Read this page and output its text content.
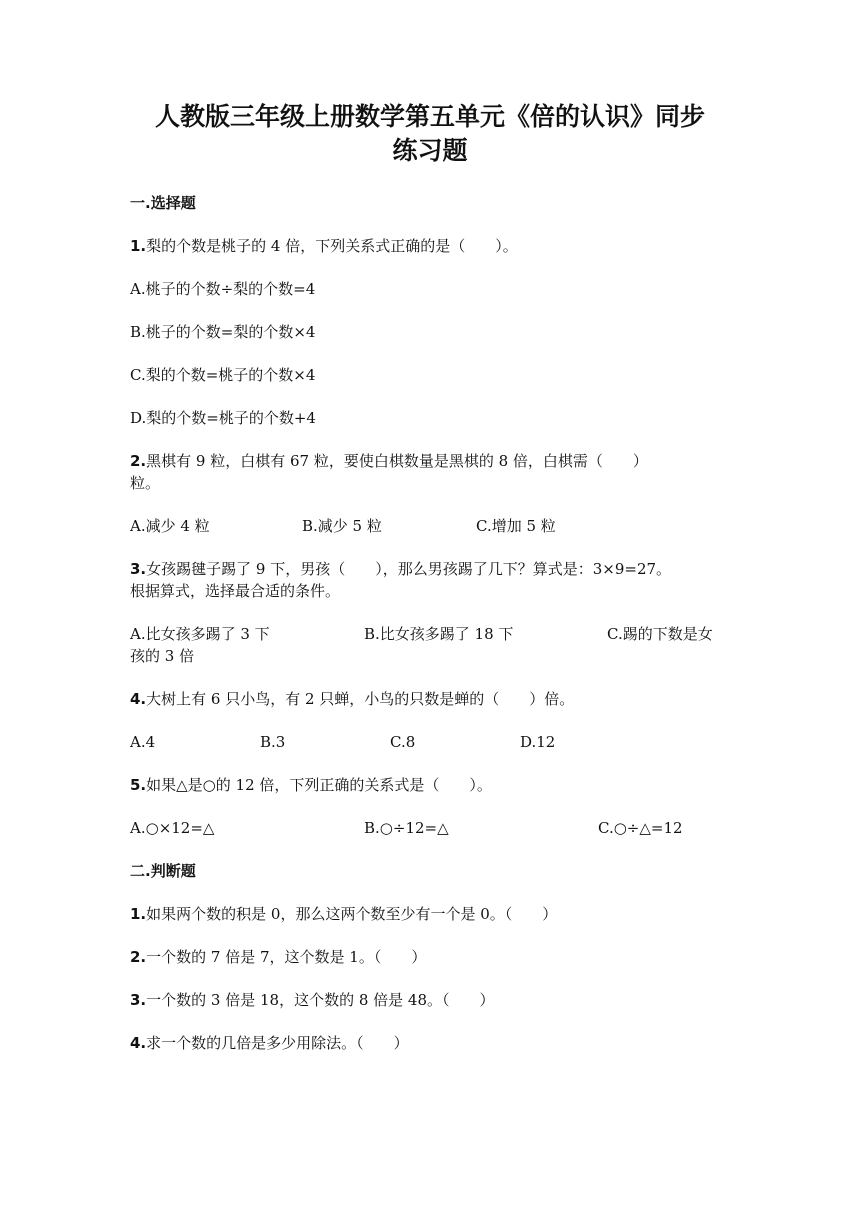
人教版三年级上册数学第五单元《倍的认识》同步
练习题
一.选择题
1.梨的个数是桃子的 4 倍，下列关系式正确的是（　　）。
A.桃子的个数÷梨的个数=4
B.桃子的个数=梨的个数×4
C.梨的个数=桃子的个数×4
D.梨的个数=桃子的个数+4
2.黑棋有 9 粒，白棋有 67 粒，要使白棋数量是黑棋的 8 倍，白棋需（　　）
粒。
A.减少 4 粒	B.减少 5 粒	C.增加 5 粒
3.女孩踢毽子踢了 9 下，男孩（　　），那么男孩踢了几下？算式是：3×9=27。
根据算式，选择最合适的条件。
A.比女孩多踢了 3 下	B.比女孩多踢了 18 下	C.踢的下数是女
孩的 3 倍
4.大树上有 6 只小鸟，有 2 只蝉，小鸟的只数是蝉的（　　）倍。
A.4	B.3	C.8	D.12
5.如果△是○的 12 倍，下列正确的关系式是（　　）。
A.○×12=△	B.○÷12=△	C.○÷△=12
二.判断题
1.如果两个数的积是 0，那么这两个数至少有一个是 0。（　　）
2.一个数的 7 倍是 7，这个数是 1。（　　）
3.一个数的 3 倍是 18，这个数的 8 倍是 48。（　　）
4.求一个数的几倍是多少用除法。（　　）
